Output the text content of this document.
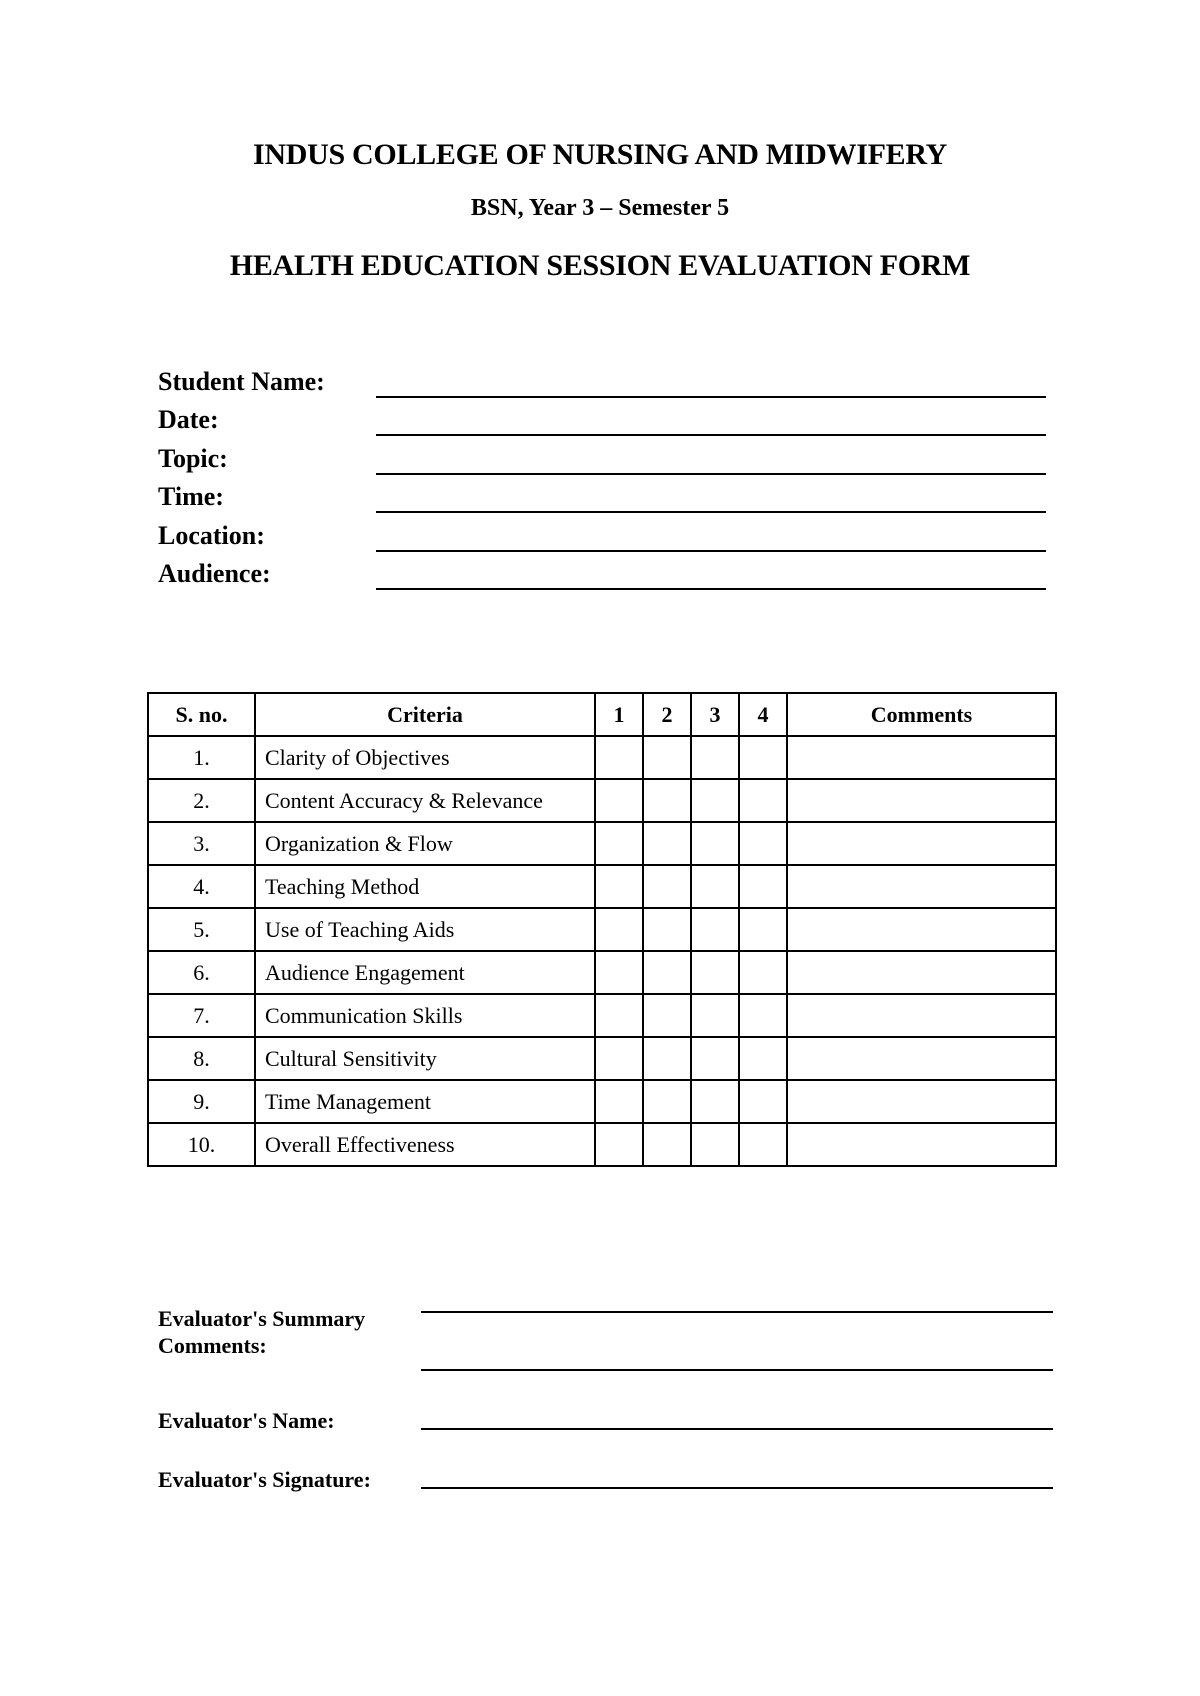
INDUS COLLEGE OF NURSING AND MIDWIFERY
BSN, Year 3 – Semester 5
HEALTH EDUCATION SESSION EVALUATION FORM
Student Name:
Date:
Topic:
Time:
Location:
Audience:
S. no.	Criteria	1	2	3	4	Comments
1.	Clarity of Objectives					
2.	Content Accuracy & Relevance					
3.	Organization & Flow					
4.	Teaching Method					
5.	Use of Teaching Aids					
6.	Audience Engagement					
7.	Communication Skills					
8.	Cultural Sensitivity					
9.	Time Management					
10.	Overall Effectiveness					
Evaluator's Summary
Comments:
Evaluator's Name:
Evaluator's Signature:
